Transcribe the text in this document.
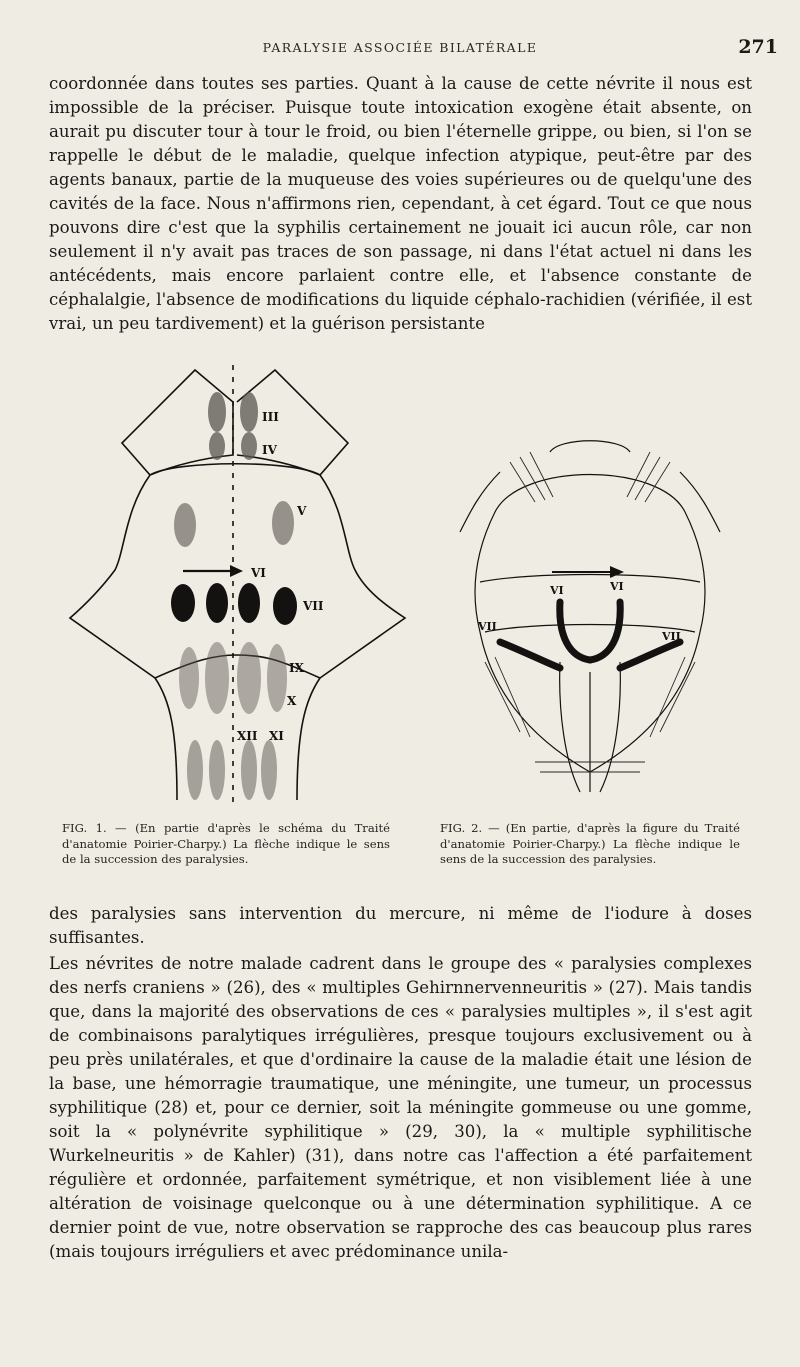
PARALYSIE ASSOCIÉE BILATÉRALE	271

coordonnée dans toutes ses parties. Quant à la cause de cette névrite il nous est impossible de la préciser. Puisque toute intoxication exogène était absente, on aurait pu discuter tour à tour le froid, ou bien l'éternelle grippe, ou bien, si l'on se rappelle le début de le maladie, quelque infection atypique, peut-être par des agents banaux, partie de la muqueuse des voies supérieures ou de quelqu'une des cavités de la face. Nous n'affirmons rien, cependant, à cet égard. Tout ce que nous pouvons dire c'est que la syphilis certainement ne jouait ici aucun rôle, car non seulement il n'y avait pas traces de son passage, ni dans l'état actuel ni dans les antécédents, mais encore parlaient contre elle, et l'absence constante de céphalalgie, l'absence de modifications du liquide céphalo-rachidien (vérifiée, il est vrai, un peu tardivement) et la guérison persistante

III
IV
V
VI
VII
IX
X
XII XI
VI	VI
VII
VII

FIG. 1. — (En partie d'après le schéma du Traité d'anatomie Poirier-Charpy.) La flèche indique le sens de la succession des paralysies.

FIG. 2. — (En partie, d'après la figure du Traité d'anatomie Poirier-Charpy.) La flèche indique le sens de la succession des paralysies.

des paralysies sans intervention du mercure, ni même de l'iodure à doses suffisantes.

Les névrites de notre malade cadrent dans le groupe des « paralysies complexes des nerfs craniens » (26), des « multiples Gehirnnervenneuritis » (27). Mais tandis que, dans la majorité des observations de ces « paralysies multiples », il s'est agit de combinaisons paralytiques irrégulières, presque toujours exclusivement ou à peu près unilatérales, et que d'ordinaire la cause de la maladie était une lésion de la base, une hémorragie traumatique, une méningite, une tumeur, un processus syphilitique (28) et, pour ce dernier, soit la méningite gommeuse ou une gomme, soit la « polynévrite syphilitique » (29, 30), la « multiple syphilitische Wurkelneuritis » de Kahler) (31), dans notre cas l'affection a été parfaitement régulière et ordonnée, parfaitement symétrique, et non visiblement liée à une altération de voisinage quelconque ou à une détermination syphilitique. A ce dernier point de vue, notre observation se rapproche des cas beaucoup plus rares (mais toujours irréguliers et avec prédominance unila-
